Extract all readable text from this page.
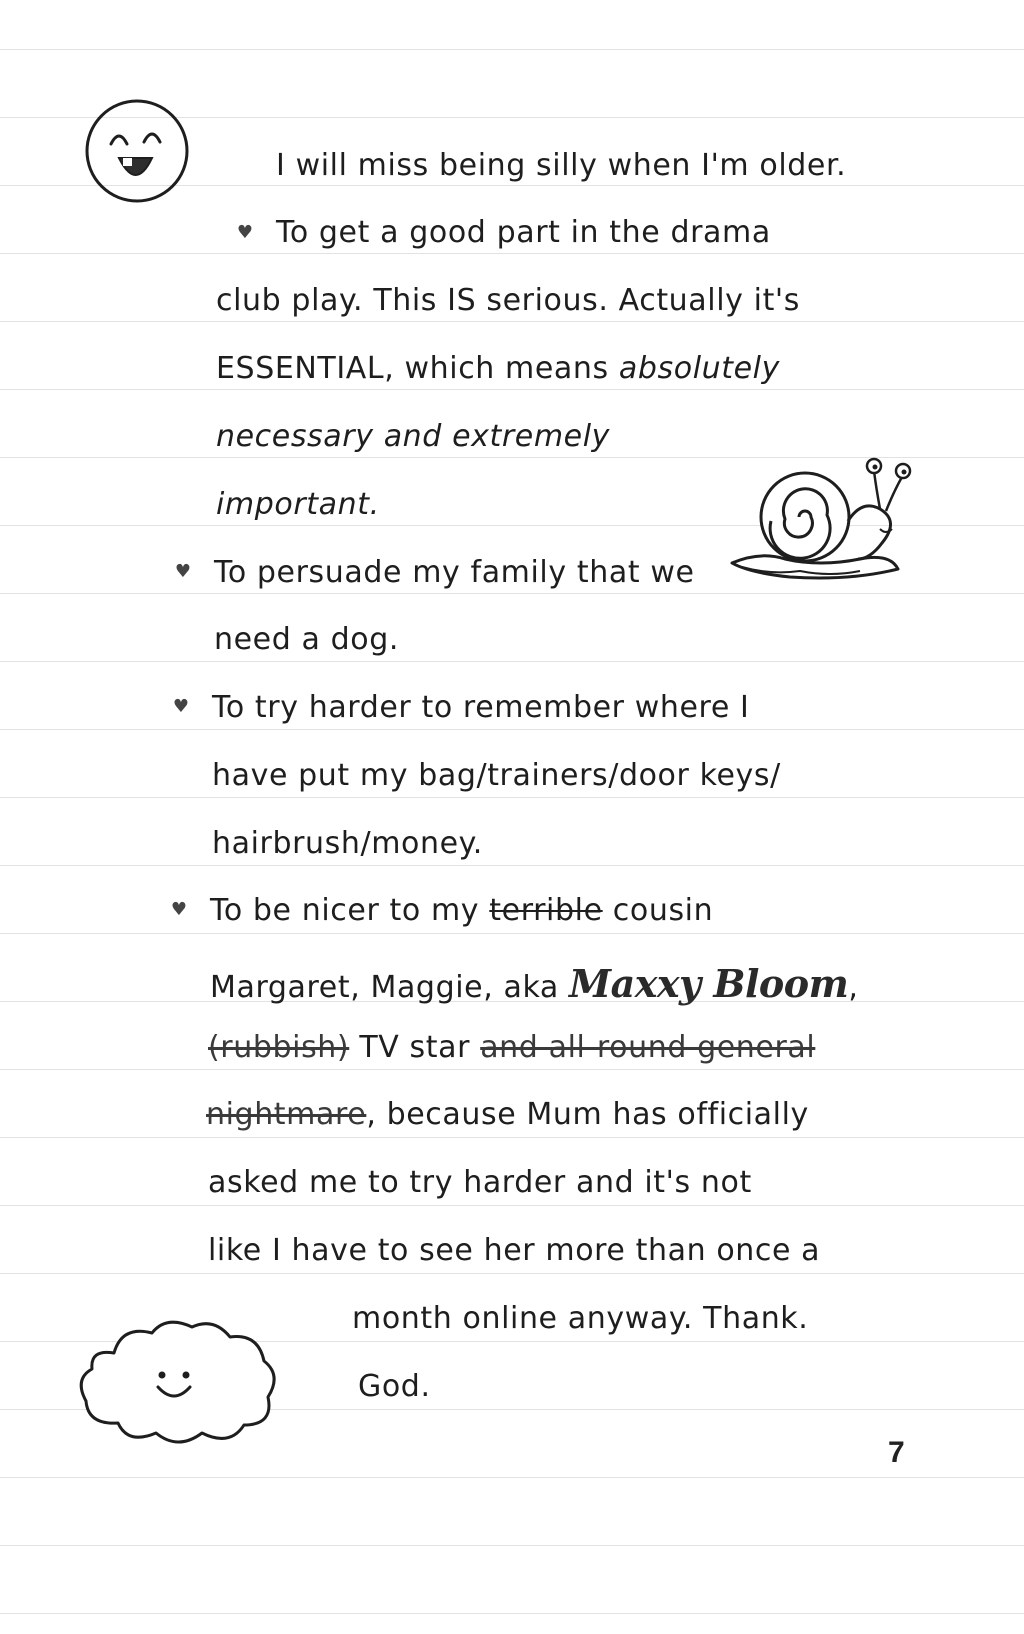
I will miss being silly when I'm older.
♥ To get a good part in the drama
club play. This IS serious. Actually it's
ESSENTIAL, which means absolutely
necessary and extremely
important.
♥ To persuade my family that we
need a dog.
♥ To try harder to remember where I
have put my bag/trainers/door keys/
hairbrush/money.
♥ To be nicer to my terrible cousin
Margaret, Maggie, aka Maxxy Bloom,
(rubbish) TV star and all-round general
nightmare, because Mum has officially
asked me to try harder and it's not
like I have to see her more than once a
month online anyway. Thank.
God.
7
